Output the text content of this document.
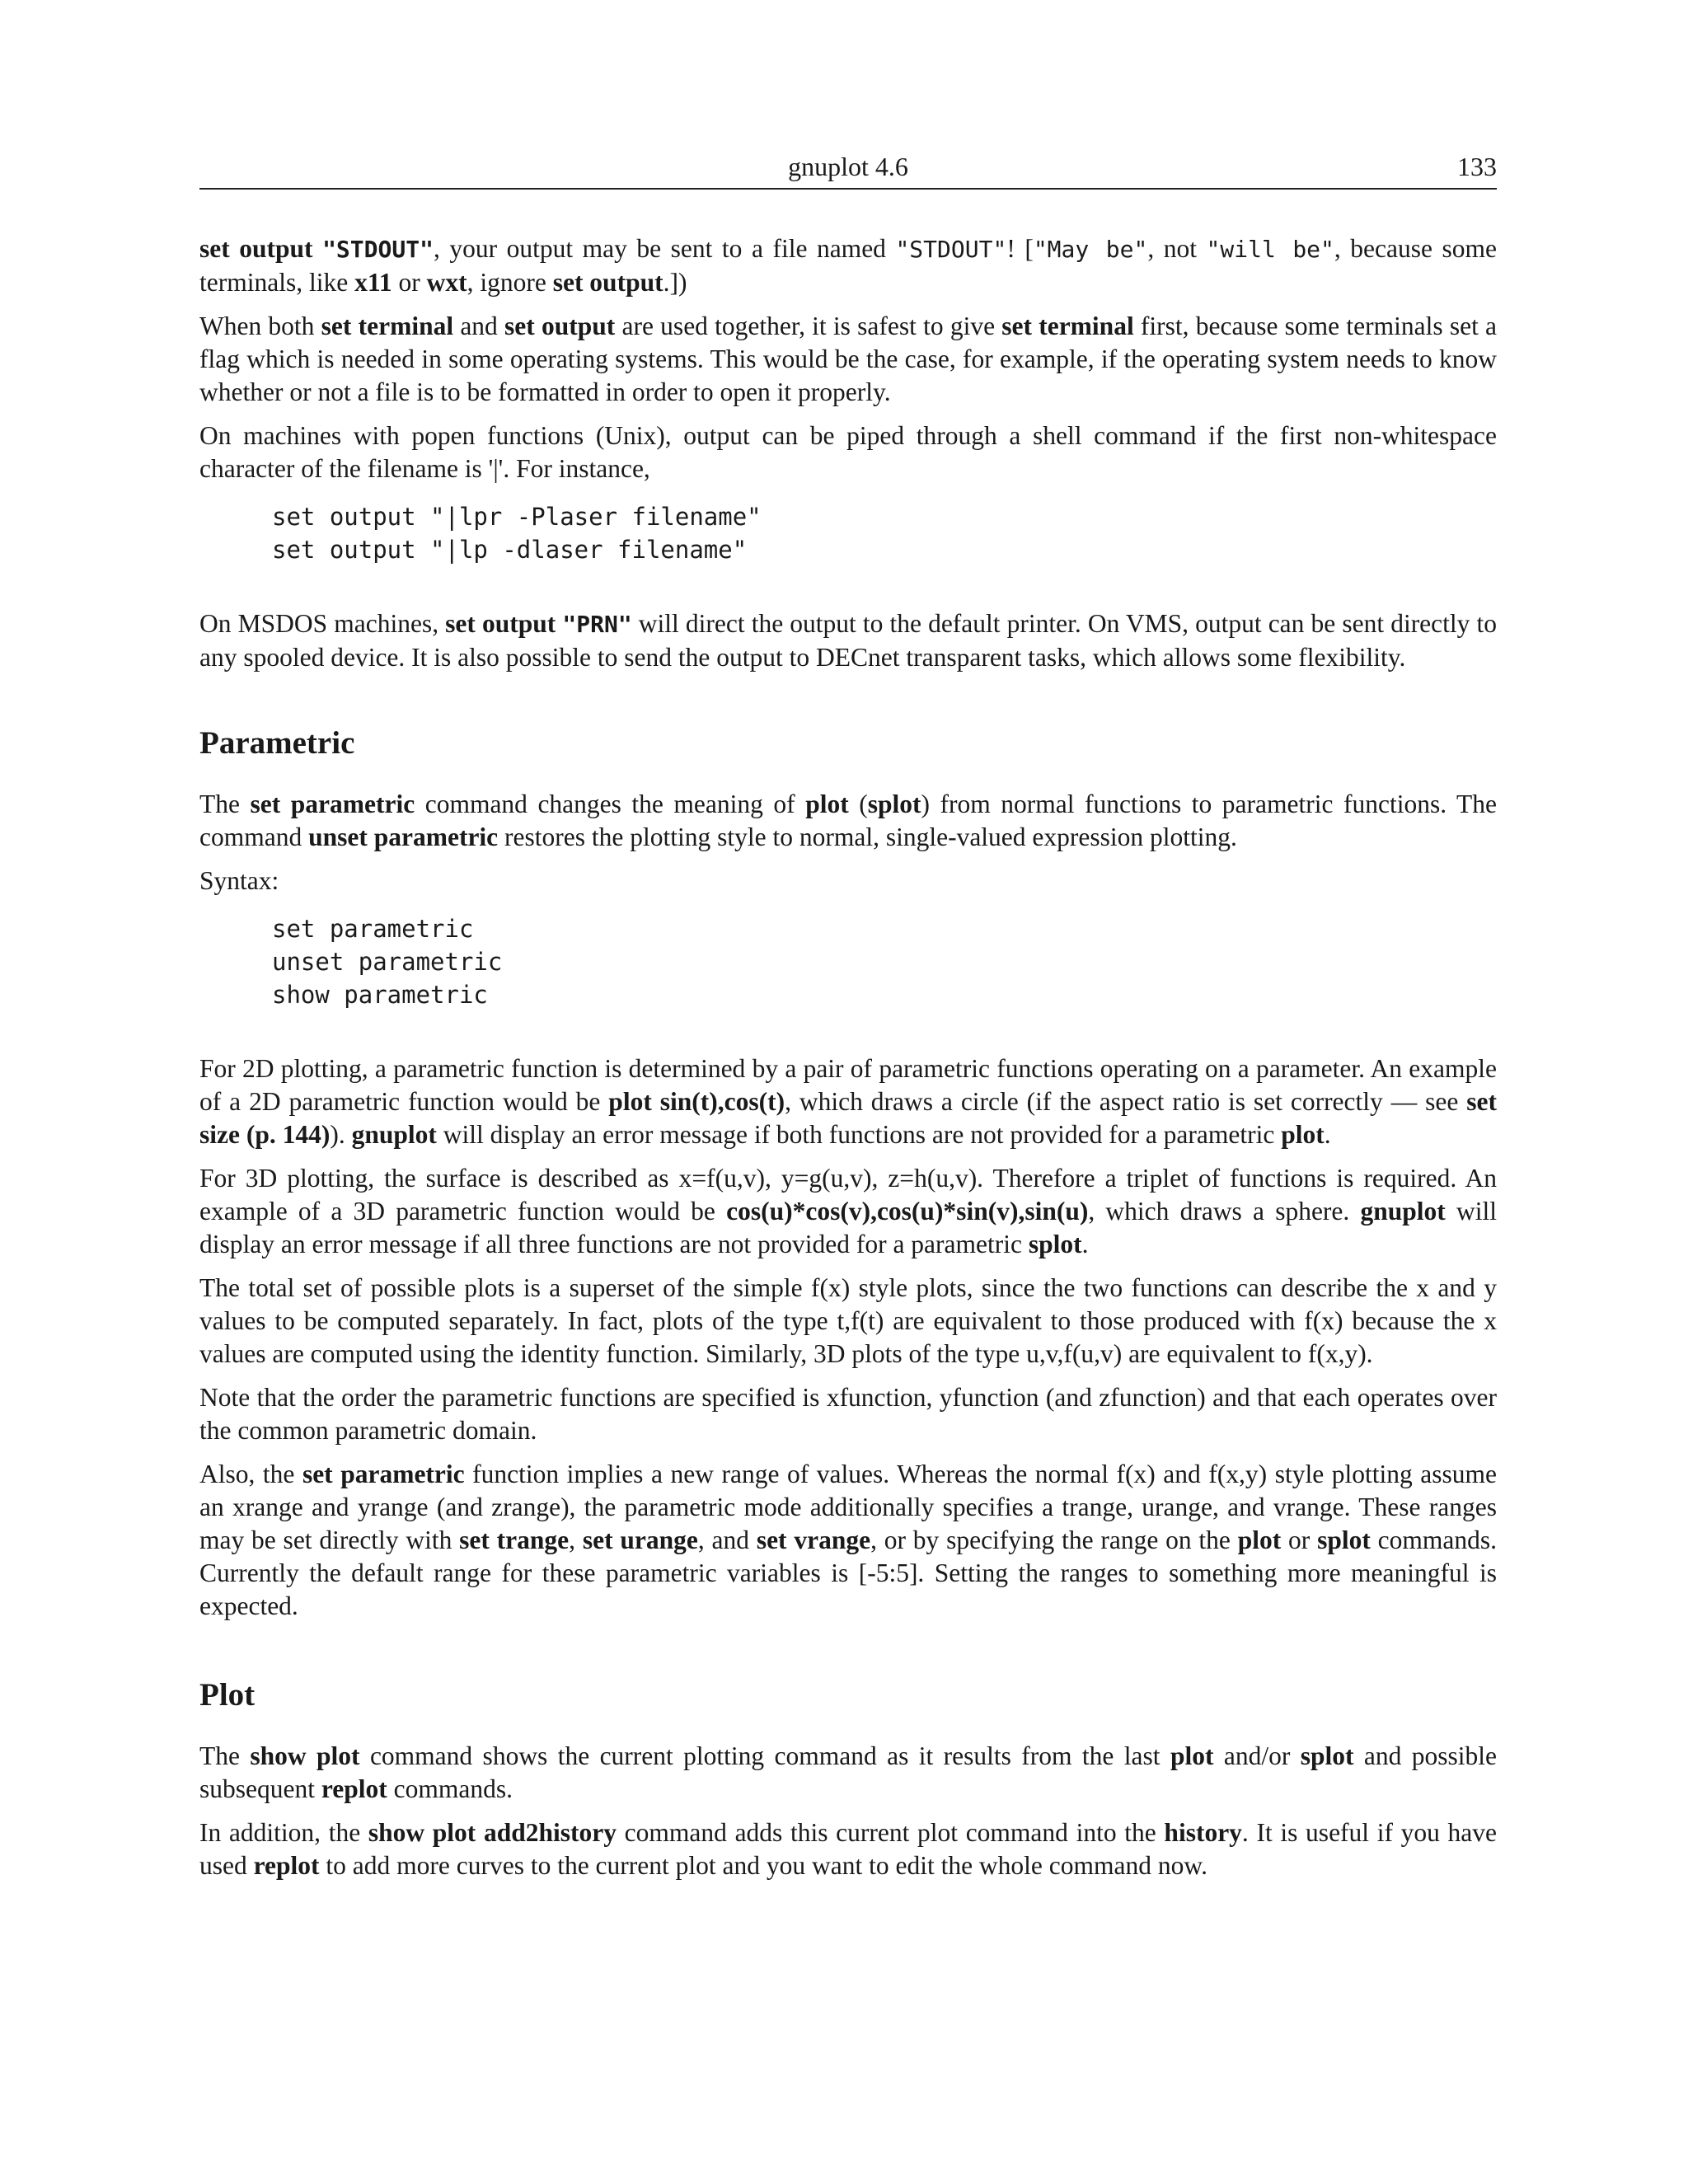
gnuplot 4.6	133

set output "STDOUT", your output may be sent to a file named "STDOUT"! ["May be", not "will be", because some terminals, like x11 or wxt, ignore set output.])

When both set terminal and set output are used together, it is safest to give set terminal first, because some terminals set a flag which is needed in some operating systems. This would be the case, for example, if the operating system needs to know whether or not a file is to be formatted in order to open it properly.

On machines with popen functions (Unix), output can be piped through a shell command if the first non-whitespace character of the filename is '|'. For instance,

set output "|lpr -Plaser filename"
set output "|lp -dlaser filename"

On MSDOS machines, set output "PRN" will direct the output to the default printer. On VMS, output can be sent directly to any spooled device. It is also possible to send the output to DECnet transparent tasks, which allows some flexibility.

Parametric

The set parametric command changes the meaning of plot (splot) from normal functions to parametric functions. The command unset parametric restores the plotting style to normal, single-valued expression plotting.

Syntax:

set parametric
unset parametric
show parametric

For 2D plotting, a parametric function is determined by a pair of parametric functions operating on a parameter. An example of a 2D parametric function would be plot sin(t),cos(t), which draws a circle (if the aspect ratio is set correctly — see set size (p. 144)). gnuplot will display an error message if both functions are not provided for a parametric plot.

For 3D plotting, the surface is described as x=f(u,v), y=g(u,v), z=h(u,v). Therefore a triplet of functions is required. An example of a 3D parametric function would be cos(u)*cos(v),cos(u)*sin(v),sin(u), which draws a sphere. gnuplot will display an error message if all three functions are not provided for a parametric splot.

The total set of possible plots is a superset of the simple f(x) style plots, since the two functions can describe the x and y values to be computed separately. In fact, plots of the type t,f(t) are equivalent to those produced with f(x) because the x values are computed using the identity function. Similarly, 3D plots of the type u,v,f(u,v) are equivalent to f(x,y).

Note that the order the parametric functions are specified is xfunction, yfunction (and zfunction) and that each operates over the common parametric domain.

Also, the set parametric function implies a new range of values. Whereas the normal f(x) and f(x,y) style plotting assume an xrange and yrange (and zrange), the parametric mode additionally specifies a trange, urange, and vrange. These ranges may be set directly with set trange, set urange, and set vrange, or by specifying the range on the plot or splot commands. Currently the default range for these parametric variables is [-5:5]. Setting the ranges to something more meaningful is expected.

Plot

The show plot command shows the current plotting command as it results from the last plot and/or splot and possible subsequent replot commands.

In addition, the show plot add2history command adds this current plot command into the history. It is useful if you have used replot to add more curves to the current plot and you want to edit the whole command now.
